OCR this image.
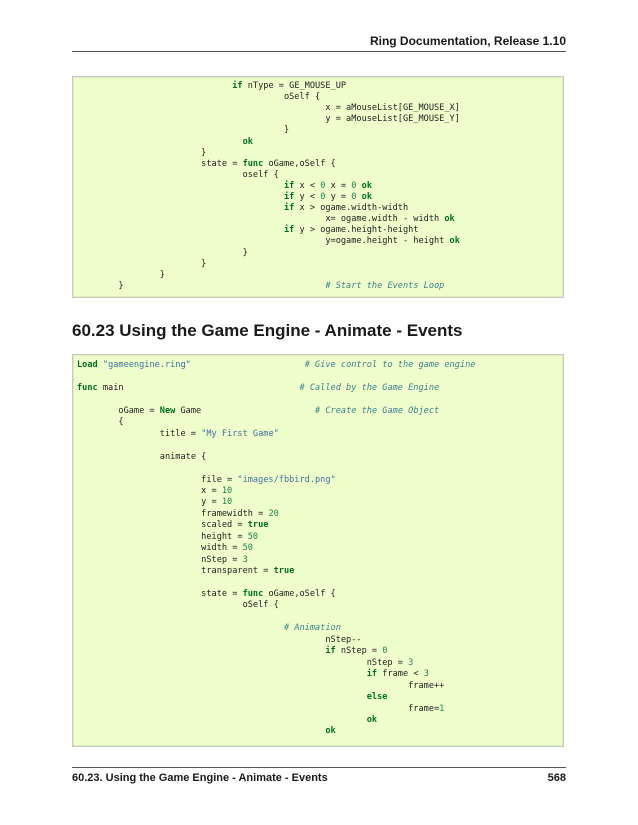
Ring Documentation, Release 1.10
if nType = GE_MOUSE_UP
oSelf {
x = aMouseList[GE_MOUSE_X]
y = aMouseList[GE_MOUSE_Y]
}
ok
}
state = func oGame,oSelf {
oself {
if x < 0 x = 0 ok
if y < 0 y = 0 ok
if x > ogame.width-width
x= ogame.width - width ok
if y > ogame.height-height
y=ogame.height - height ok
}
}
}
}                                       # Start the Events Loop
60.23 Using the Game Engine - Animate - Events
Load "gameengine.ring"	# Give control to the game engine
func main                                  # Called by the Game Engine
oGame = New Game                      # Create the Game Object
{
title = "My First Game"
animate {
file = "images/fbbird.png"
x = 10
y = 10
framewidth = 20
scaled = true
height = 50
width = 50
nStep = 3
transparent = true
state = func oGame,oSelf {
oSelf {
# Animation
nStep--
if nStep = 0
nStep = 3
if frame < 3
frame++
else
frame=1
ok
ok
60.23. Using the Game Engine - Animate - Events	568
